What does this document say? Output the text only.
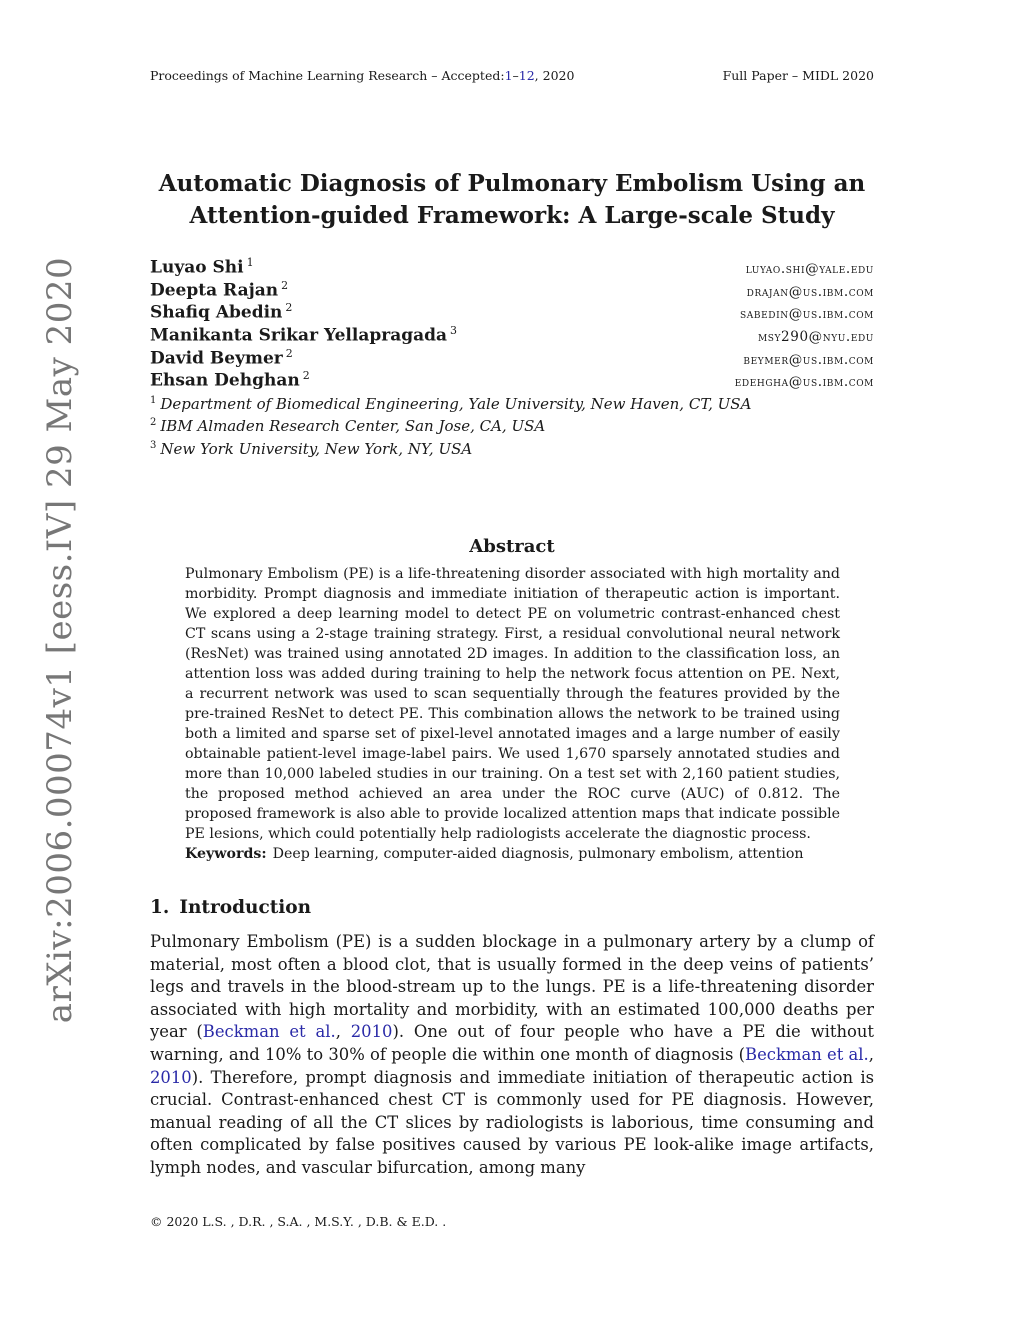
Proceedings of Machine Learning Research – Accepted:1–12, 2020	Full Paper – MIDL 2020
arXiv:2006.00074v1 [eess.IV] 29 May 2020
Automatic Diagnosis of Pulmonary Embolism Using an
Attention-guided Framework: A Large-scale Study
Luyao Shi $^1$	luyao.shi@yale.edu
Deepta Rajan $^2$	drajan@us.ibm.com
Shafiq Abedin $^2$	sabedin@us.ibm.com
Manikanta Srikar Yellapragada $^3$	msy290@nyu.edu
David Beymer $^2$	beymer@us.ibm.com
Ehsan Dehghan $^2$	edehgha@us.ibm.com
$^1$ Department of Biomedical Engineering, Yale University, New Haven, CT, USA
$^2$ IBM Almaden Research Center, San Jose, CA, USA
$^3$ New York University, New York, NY, USA
Abstract
Pulmonary Embolism (PE) is a life-threatening disorder associated with high mortality and morbidity. Prompt diagnosis and immediate initiation of therapeutic action is important. We explored a deep learning model to detect PE on volumetric contrast-enhanced chest CT scans using a 2-stage training strategy. First, a residual convolutional neural network (ResNet) was trained using annotated 2D images. In addition to the classification loss, an attention loss was added during training to help the network focus attention on PE. Next, a recurrent network was used to scan sequentially through the features provided by the pre-trained ResNet to detect PE. This combination allows the network to be trained using both a limited and sparse set of pixel-level annotated images and a large number of easily obtainable patient-level image-label pairs. We used 1,670 sparsely annotated studies and more than 10,000 labeled studies in our training. On a test set with 2,160 patient studies, the proposed method achieved an area under the ROC curve (AUC) of 0.812. The proposed framework is also able to provide localized attention maps that indicate possible PE lesions, which could potentially help radiologists accelerate the diagnostic process.
Keywords: Deep learning, computer-aided diagnosis, pulmonary embolism, attention
1. Introduction
Pulmonary Embolism (PE) is a sudden blockage in a pulmonary artery by a clump of material, most often a blood clot, that is usually formed in the deep veins of patients’ legs and travels in the blood-stream up to the lungs. PE is a life-threatening disorder associated with high mortality and morbidity, with an estimated 100,000 deaths per year (Beckman et al., 2010). One out of four people who have a PE die without warning, and 10% to 30% of people die within one month of diagnosis (Beckman et al., 2010). Therefore, prompt diagnosis and immediate initiation of therapeutic action is crucial. Contrast-enhanced chest CT is commonly used for PE diagnosis. However, manual reading of all the CT slices by radiologists is laborious, time consuming and often complicated by false positives caused by various PE look-alike image artifacts, lymph nodes, and vascular bifurcation, among many
© 2020 L.S. , D.R. , S.A. , M.S.Y. , D.B. & E.D. .
